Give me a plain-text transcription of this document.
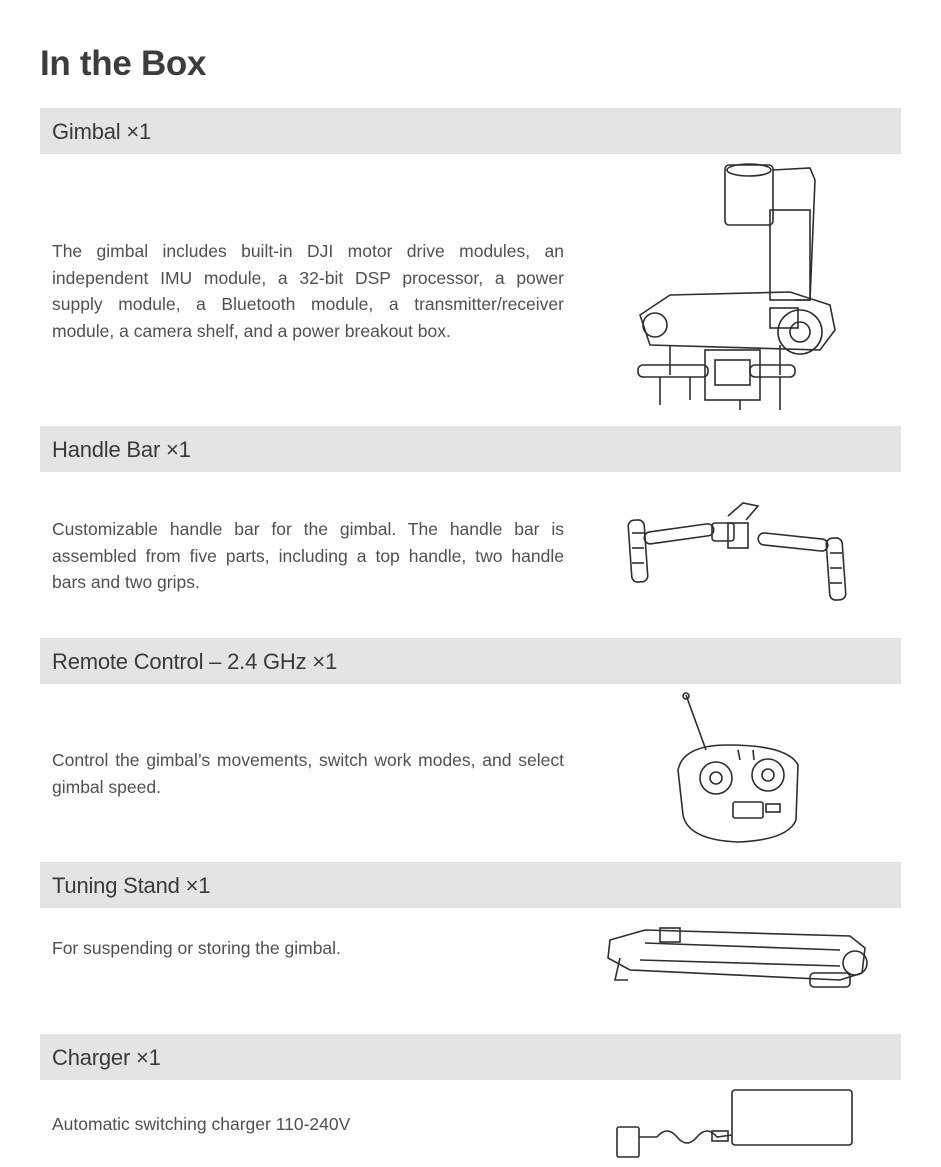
In the Box
Gimbal ×1

The gimbal includes built-in DJI motor drive modules, an independent IMU module, a 32-bit DSP processor, a power supply module, a Bluetooth module, a transmitter/receiver module, a camera shelf, and a power breakout box.

Handle Bar ×1

Customizable handle bar for the gimbal. The handle bar is assembled from five parts, including a top handle, two handle bars and two grips.

Remote Control – 2.4 GHz ×1

Control the gimbal’s movements, switch work modes, and select gimbal speed.

Tuning Stand ×1

For suspending or storing the gimbal.

Charger ×1

Automatic switching charger 110-240V
